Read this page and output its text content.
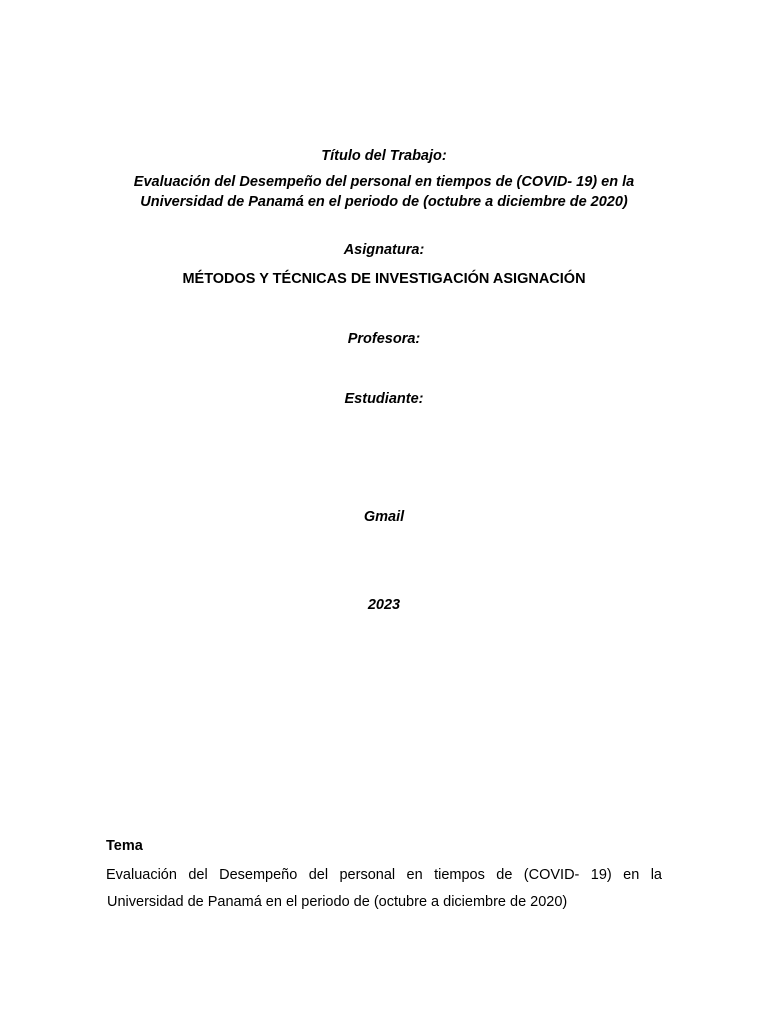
Título del Trabajo:
Evaluación del Desempeño del personal en tiempos de (COVID- 19) en la
Universidad de Panamá en el periodo de (octubre a diciembre de 2020)
Asignatura:
MÉTODOS Y TÉCNICAS DE INVESTIGACIÓN ASIGNACIÓN
Profesora:
Estudiante:
Gmail
2023
Tema

Evaluación del Desempeño del personal en tiempos de (COVID- 19) en la
Universidad de Panamá en el periodo de (octubre a diciembre de 2020)
